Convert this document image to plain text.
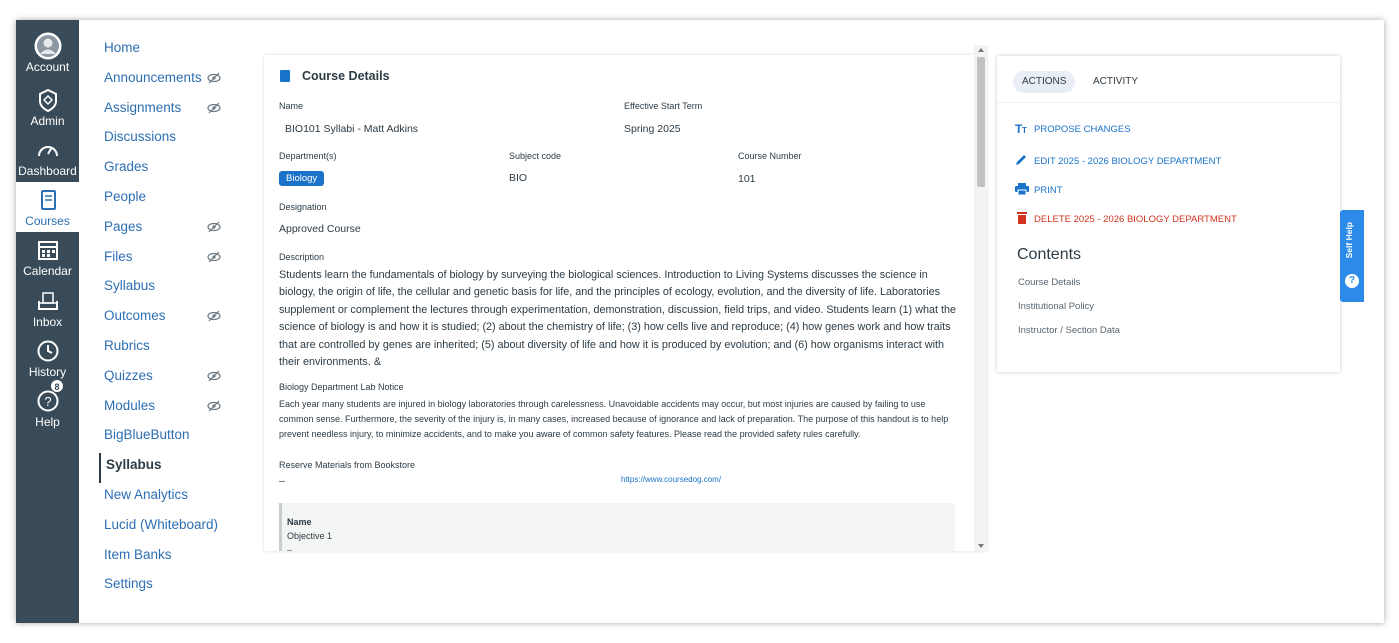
Account
Admin
Dashboard
Courses
Calendar
Inbox
History
?
8
Help
Home
Announcements
Assignments
Discussions
Grades
People
Pages
Files
Syllabus
Outcomes
Rubrics
Quizzes
Modules
BigBlueButton
Syllabus
New Analytics
Lucid (Whiteboard)
Item Banks
Settings
Course Details
Name
BIO101 Syllabi - Matt Adkins
Effective Start Term
Spring 2025
Department(s)
Biology
Subject code
BIO
Course Number
101
Designation
Approved Course
Description
Students learn the fundamentals of biology by surveying the biological sciences. Introduction to Living Systems discusses the science in biology, the origin of life, the cellular and genetic basis for life, and the principles of ecology, evolution, and the diversity of life. Laboratories supplement or complement the lectures through experimentation, demonstration, discussion, field trips, and video. Students learn (1) what the science of biology is and how it is studied; (2) about the chemistry of life; (3) how cells live and reproduce; (4) how genes work and how traits that are controlled by genes are inherited; (5) about diversity of life and how it is produced by evolution; and (6) how organisms interact with their environments. &
Biology Department Lab Notice
Each year many students are injured in biology laboratories through carelessness. Unavoidable accidents may occur, but most injuries are caused by failing to use common sense. Furthermore, the severity of the injury is, in many cases, increased because of ignorance and lack of preparation. The purpose of this handout is to help prevent needless injury, to minimize accidents, and to make you aware of common safety features. Please read the provided safety rules carefully.
Reserve Materials from Bookstore
–	https://www.coursedog.com/
Name
Objective 1
–
ACTIONS	ACTIVITY
T T PROPOSE CHANGES
EDIT 2025 - 2026 BIOLOGY DEPARTMENT
PRINT
DELETE 2025 - 2026 BIOLOGY DEPARTMENT
Contents
Course Details
Institutional Policy
Instructor / Section Data
Self Help
?
